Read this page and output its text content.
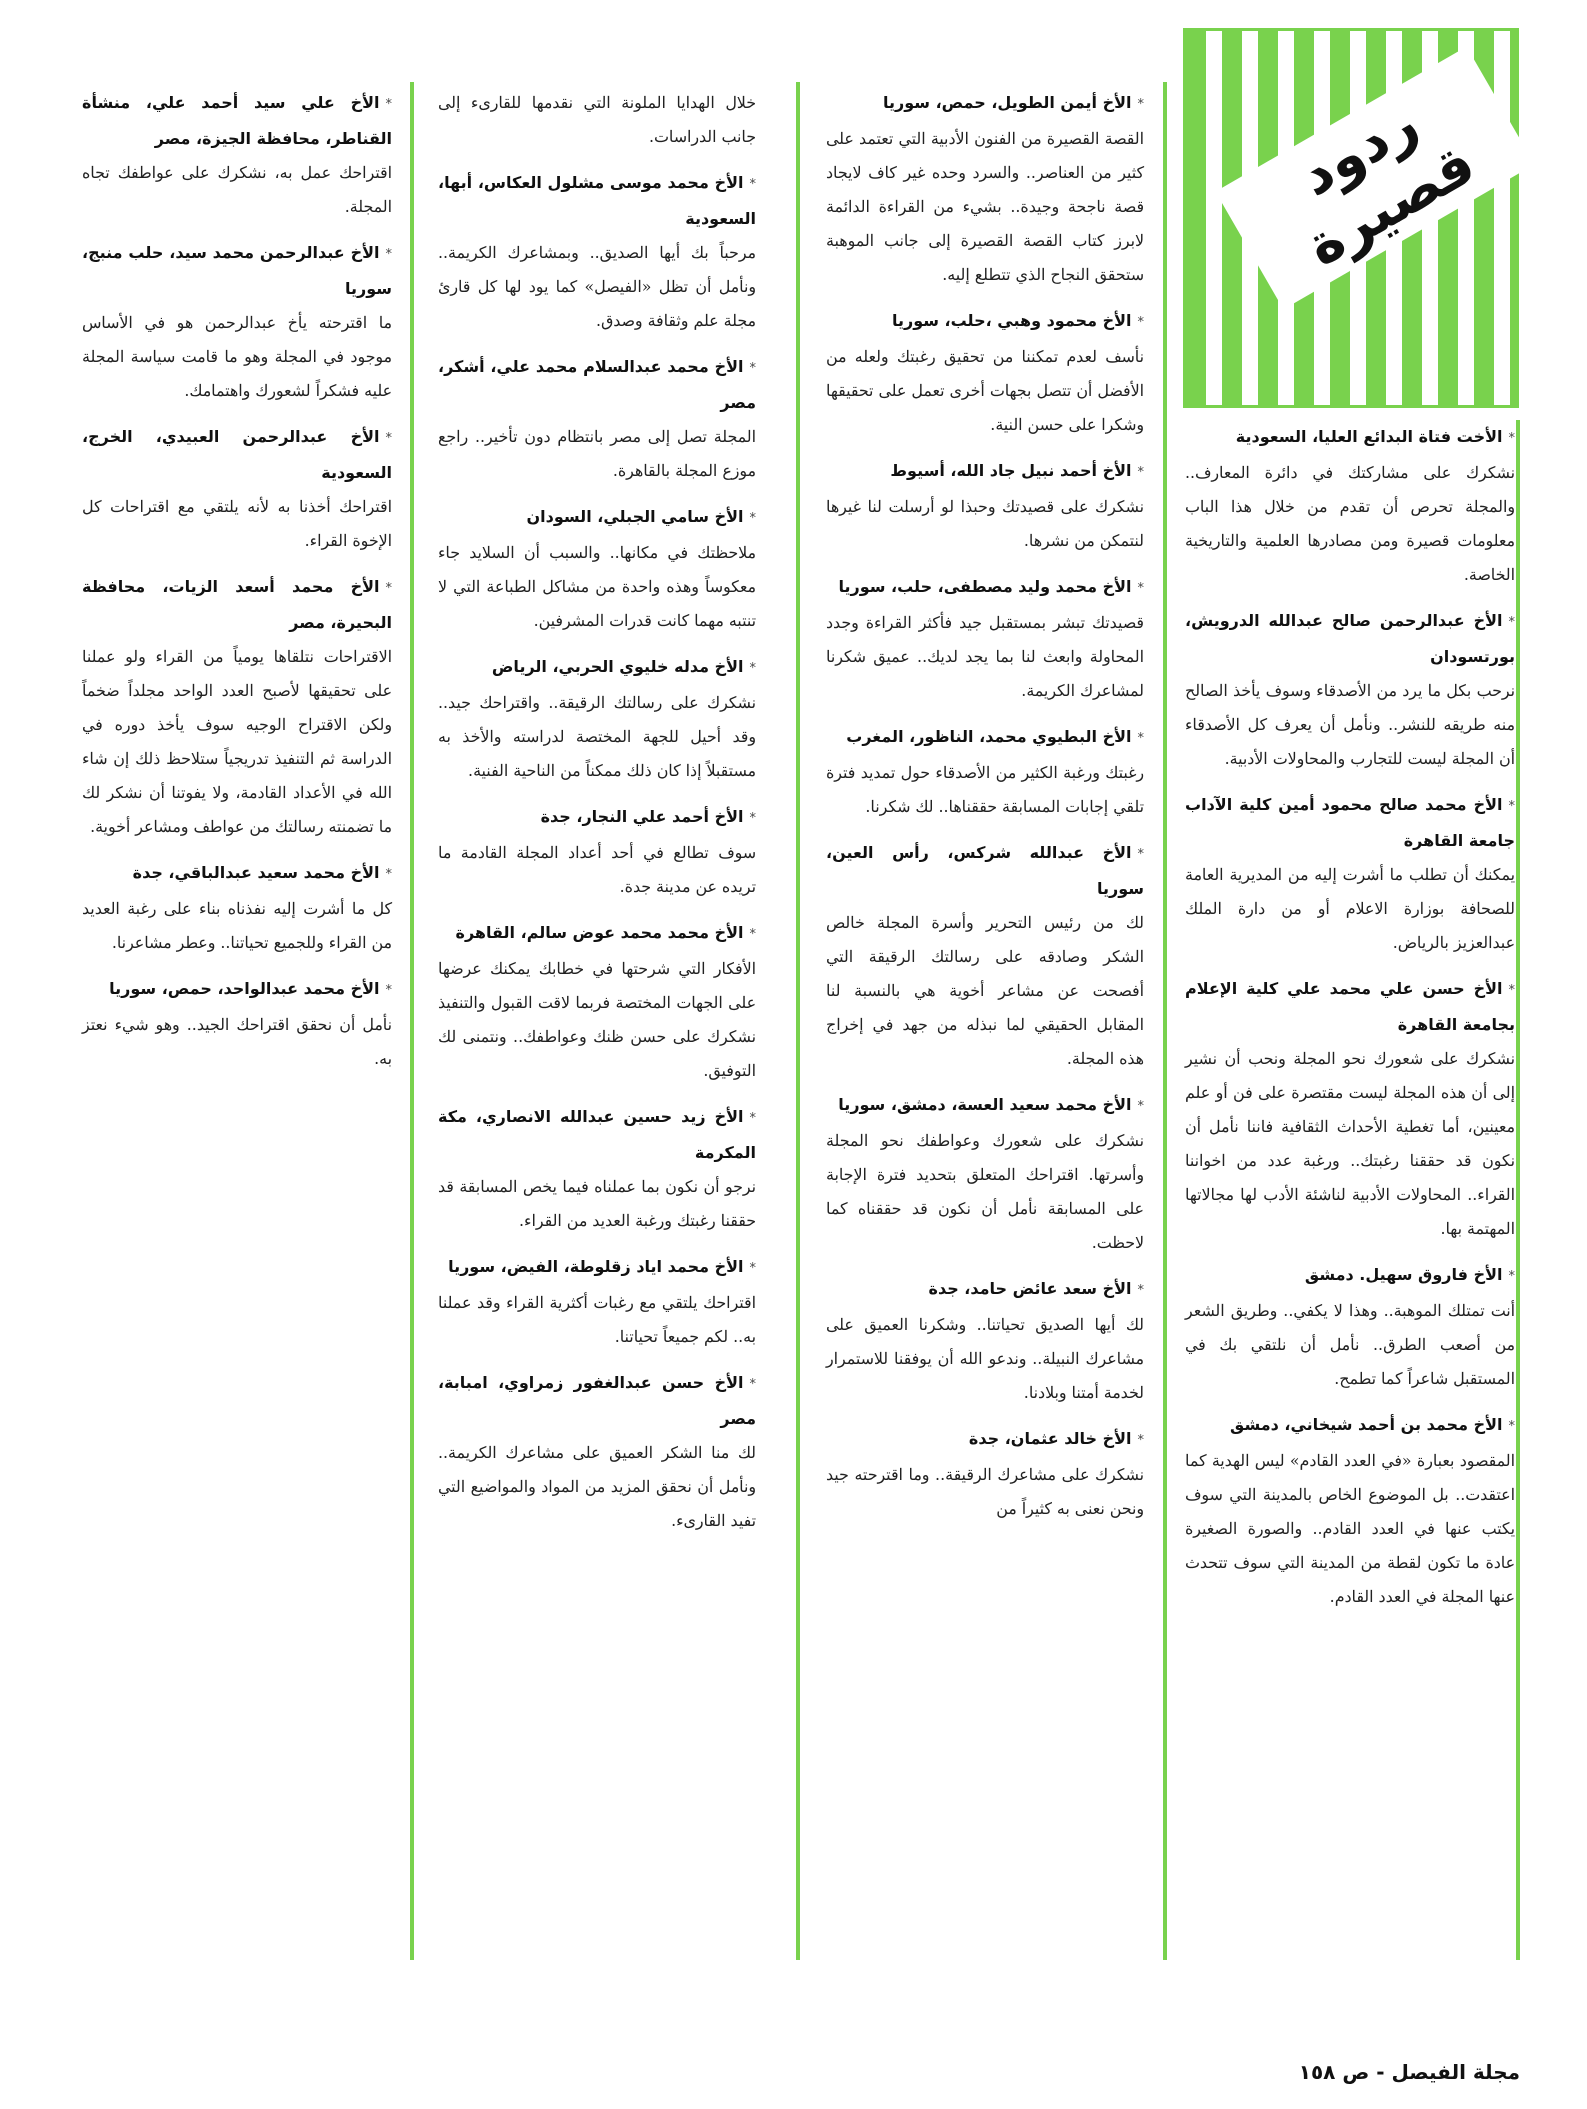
ردود قصيرة
*الأخت فتاة البدائع العليا، السعودية
نشكرك على مشاركتك في دائرة المعارف.. والمجلة تحرص أن تقدم من خلال هذا الباب معلومات قصيرة ومن مصادرها العلمية والتاريخية الخاصة.
*الأخ عبدالرحمن صالح عبدالله الدرويش، بورتسودان
نرحب بكل ما يرد من الأصدقاء وسوف يأخذ الصالح منه طريقه للنشر.. ونأمل أن يعرف كل الأصدقاء أن المجلة ليست للتجارب والمحاولات الأدبية.
*الأخ محمد صالح محمود أمين كلية الآداب جامعة القاهرة
يمكنك أن تطلب ما أشرت إليه من المديرية العامة للصحافة بوزارة الاعلام أو من دارة الملك عبدالعزيز بالرياض.
*الأخ حسن علي محمد علي كلية الإعلام بجامعة القاهرة
نشكرك على شعورك نحو المجلة ونحب أن نشير إلى أن هذه المجلة ليست مقتصرة على فن أو علم معينين، أما تغطية الأحداث الثقافية فاننا نأمل أن نكون قد حققنا رغبتك.. ورغبة عدد من اخواننا القراء.. المحاولات الأدبية لناشئة الأدب لها مجالاتها المهتمة بها.
*الأخ فاروق سهيل. دمشق
أنت تمتلك الموهبة.. وهذا لا يكفي.. وطريق الشعر من أصعب الطرق.. نأمل أن نلتقي بك في المستقبل شاعراً كما تطمح.
*الأخ محمد بن أحمد شيخاني، دمشق
المقصود بعبارة «في العدد القادم» ليس الهدية كما اعتقدت.. بل الموضوع الخاص بالمدينة التي سوف يكتب عنها في العدد القادم.. والصورة الصغيرة عادة ما تكون لقطة من المدينة التي سوف تتحدث عنها المجلة في العدد القادم.
*الأخ أيمن الطويل، حمص، سوريا
القصة القصيرة من الفنون الأدبية التي تعتمد على كثير من العناصر.. والسرد وحده غير كاف لايجاد قصة ناجحة وجيدة.. بشيء من القراءة الدائمة لابرز كتاب القصة القصيرة إلى جانب الموهبة ستحقق النجاح الذي تتطلع إليه.
*الأخ محمود وهبي ،حلب، سوريا
نأسف لعدم تمكننا من تحقيق رغبتك ولعله من الأفضل أن تتصل بجهات أخرى تعمل على تحقيقها وشكرا على حسن النية.
*الأخ أحمد نبيل جاد الله، أسيوط
نشكرك على قصيدتك وحبذا لو أرسلت لنا غيرها لنتمكن من نشرها.
*الأخ محمد وليد مصطفى، حلب، سوريا
قصيدتك تبشر بمستقبل جيد فأكثر القراءة وجدد المحاولة وابعث لنا بما يجد لديك.. عميق شكرنا لمشاعرك الكريمة.
*الأخ البطيوي محمد، الناظور، المغرب
رغبتك ورغبة الكثير من الأصدقاء حول تمديد فترة تلقي إجابات المسابقة حققناها.. لك شكرنا.
*الأخ عبدالله شركس، رأس العين، سوريا
لك من رئيس التحرير وأسرة المجلة خالص الشكر وصادقه على رسالتك الرقيقة التي أفصحت عن مشاعر أخوية هي بالنسبة لنا المقابل الحقيقي لما نبذله من جهد في إخراج هذه المجلة.
*الأخ محمد سعيد العسة، دمشق، سوريا
نشكرك على شعورك وعواطفك نحو المجلة وأسرتها. اقتراحك المتعلق بتحديد فترة الإجابة على المسابقة نأمل أن نكون قد حققناه كما لاحظت.
*الأخ سعد عائض حامد، جدة
لك أيها الصديق تحياتنا.. وشكرنا العميق على مشاعرك النبيلة.. وندعو الله أن يوفقنا للاستمرار لخدمة أمتنا وبلادنا.
*الأخ خالد عثمان، جدة
نشكرك على مشاعرك الرقيقة.. وما اقترحته جيد ونحن نعنى به كثيراً من
خلال الهدايا الملونة التي نقدمها للقارىء إلى جانب الدراسات.
*الأخ محمد موسى مشلول العكاس، أبها، السعودية
مرحباً بك أيها الصديق.. وبمشاعرك الكريمة.. ونأمل أن تظل «الفيصل» كما يود لها كل قارئ مجلة علم وثقافة وصدق.
*الأخ محمد عبدالسلام محمد علي، أشكر، مصر
المجلة تصل إلى مصر بانتظام دون تأخير.. راجع موزع المجلة بالقاهرة.
*الأخ سامي الجبلي، السودان
ملاحظتك في مكانها.. والسبب أن السلايد جاء معكوساً وهذه واحدة من مشاكل الطباعة التي لا تنتبه مهما كانت قدرات المشرفين.
*الأخ مدله خليوي الحربي، الرياض
نشكرك على رسالتك الرقيقة.. واقتراحك جيد.. وقد أحيل للجهة المختصة لدراسته والأخذ به مستقبلاً إذا كان ذلك ممكناً من الناحية الفنية.
*الأخ أحمد علي النجار، جدة
سوف تطالع في أحد أعداد المجلة القادمة ما تريده عن مدينة جدة.
*الأخ محمد محمد عوض سالم، القاهرة
الأفكار التي شرحتها في خطابك يمكنك عرضها على الجهات المختصة فربما لاقت القبول والتنفيذ نشكرك على حسن ظنك وعواطفك.. ونتمنى لك التوفيق.
*الأخ زيد حسين عبدالله الانصاري، مكة المكرمة
نرجو أن نكون بما عملناه فيما يخص المسابقة قد حققنا رغبتك ورغبة العديد من القراء.
*الأخ محمد اياد زقلوطة، الفيض، سوريا
اقتراحك يلتقي مع رغبات أكثرية القراء وقد عملنا به.. لكم جميعاً تحياتنا.
*الأخ حسن عبدالغفور زمراوي، امبابة، مصر
لك منا الشكر العميق على مشاعرك الكريمة.. ونأمل أن نحقق المزيد من المواد والمواضيع التي تفيد القارىء.
*الأخ علي سيد أحمد علي، منشأة القناطر، محافظة الجيزة، مصر
اقتراحك عمل به، نشكرك على عواطفك تجاه المجلة.
*الأخ عبدالرحمن محمد سيد، حلب منبج، سوريا
ما اقترحته يأخ عبدالرحمن هو في الأساس موجود في المجلة وهو ما قامت سياسة المجلة عليه فشكراً لشعورك واهتمامك.
*الأخ عبدالرحمن العبيدي، الخرج، السعودية
اقتراحك أخذنا به لأنه يلتقي مع اقتراحات كل الإخوة القراء.
*الأخ محمد أسعد الزيات، محافظة البحيرة، مصر
الاقتراحات نتلقاها يومياً من القراء ولو عملنا على تحقيقها لأصبح العدد الواحد مجلداً ضخماً ولكن الاقتراح الوجيه سوف يأخذ دوره في الدراسة ثم التنفيذ تدريجياً ستلاحظ ذلك إن شاء الله في الأعداد القادمة، ولا يفوتنا أن نشكر لك ما تضمنته رسالتك من عواطف ومشاعر أخوية.
*الأخ محمد سعيد عبدالباقي، جدة
كل ما أشرت إليه نفذناه بناء على رغبة العديد من القراء وللجميع تحياتنا.. وعطر مشاعرنا.
*الأخ محمد عبدالواحد، حمص، سوريا
نأمل أن نحقق اقتراحك الجيد.. وهو شيء نعتز به.
مجلة الفيصل - ص ١٥٨
